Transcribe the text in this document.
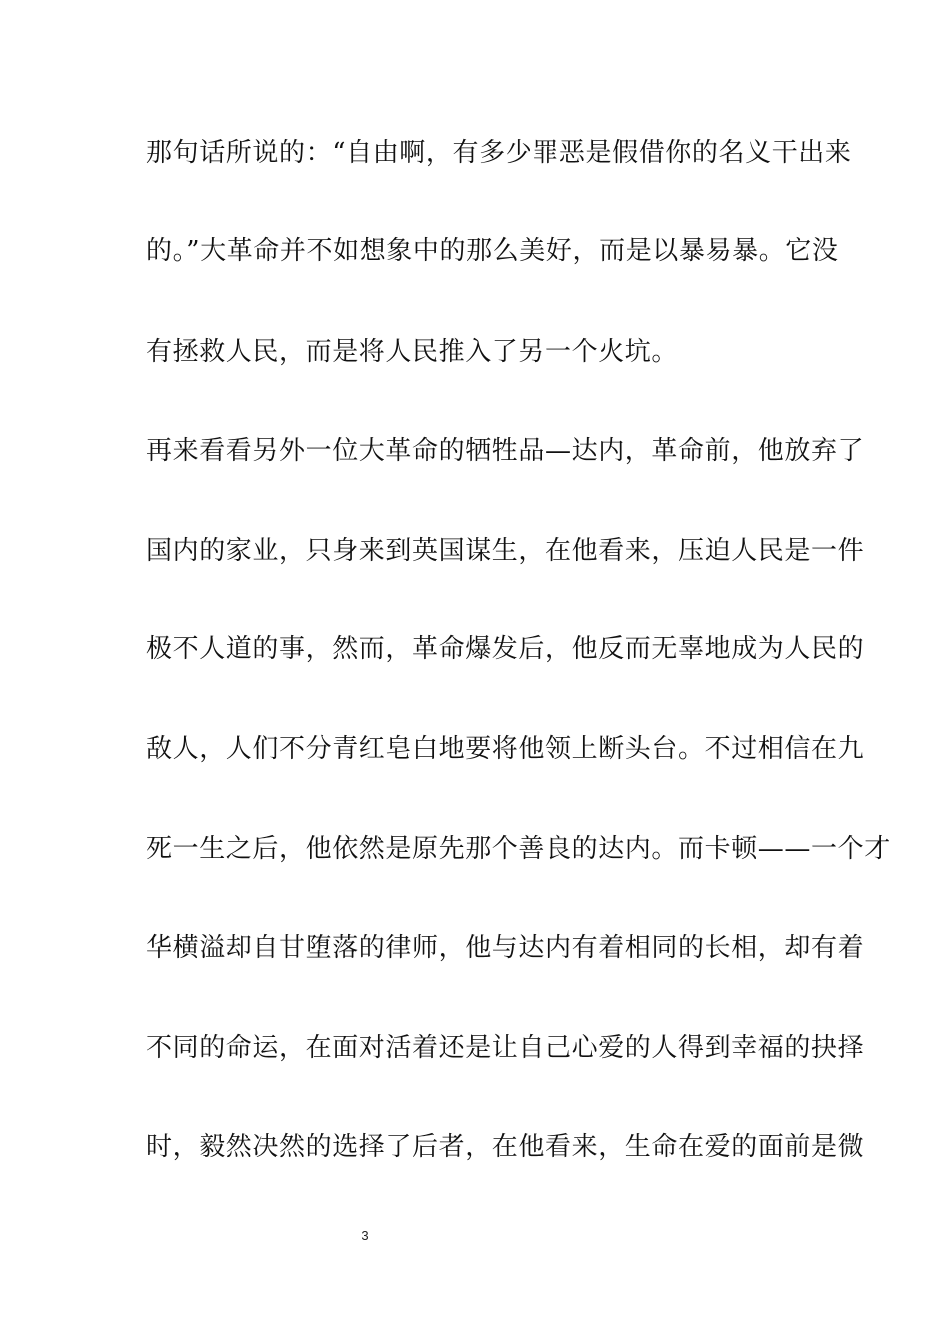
那句话所说的：“自由啊，有多少罪恶是假借你的名义干出来
的。”大革命并不如想象中的那么美好，而是以暴易暴。它没
有拯救人民，而是将人民推入了另一个火坑。
再来看看另外一位大革命的牺牲品—达内，革命前，他放弃了
国内的家业，只身来到英国谋生，在他看来，压迫人民是一件
极不人道的事，然而，革命爆发后，他反而无辜地成为人民的
敌人，人们不分青红皂白地要将他领上断头台。不过相信在九
死一生之后，他依然是原先那个善良的达内。而卡顿——一个才
华横溢却自甘堕落的律师，他与达内有着相同的长相，却有着
不同的命运，在面对活着还是让自己心爱的人得到幸福的抉择
时，毅然决然的选择了后者，在他看来，生命在爱的面前是微
3
